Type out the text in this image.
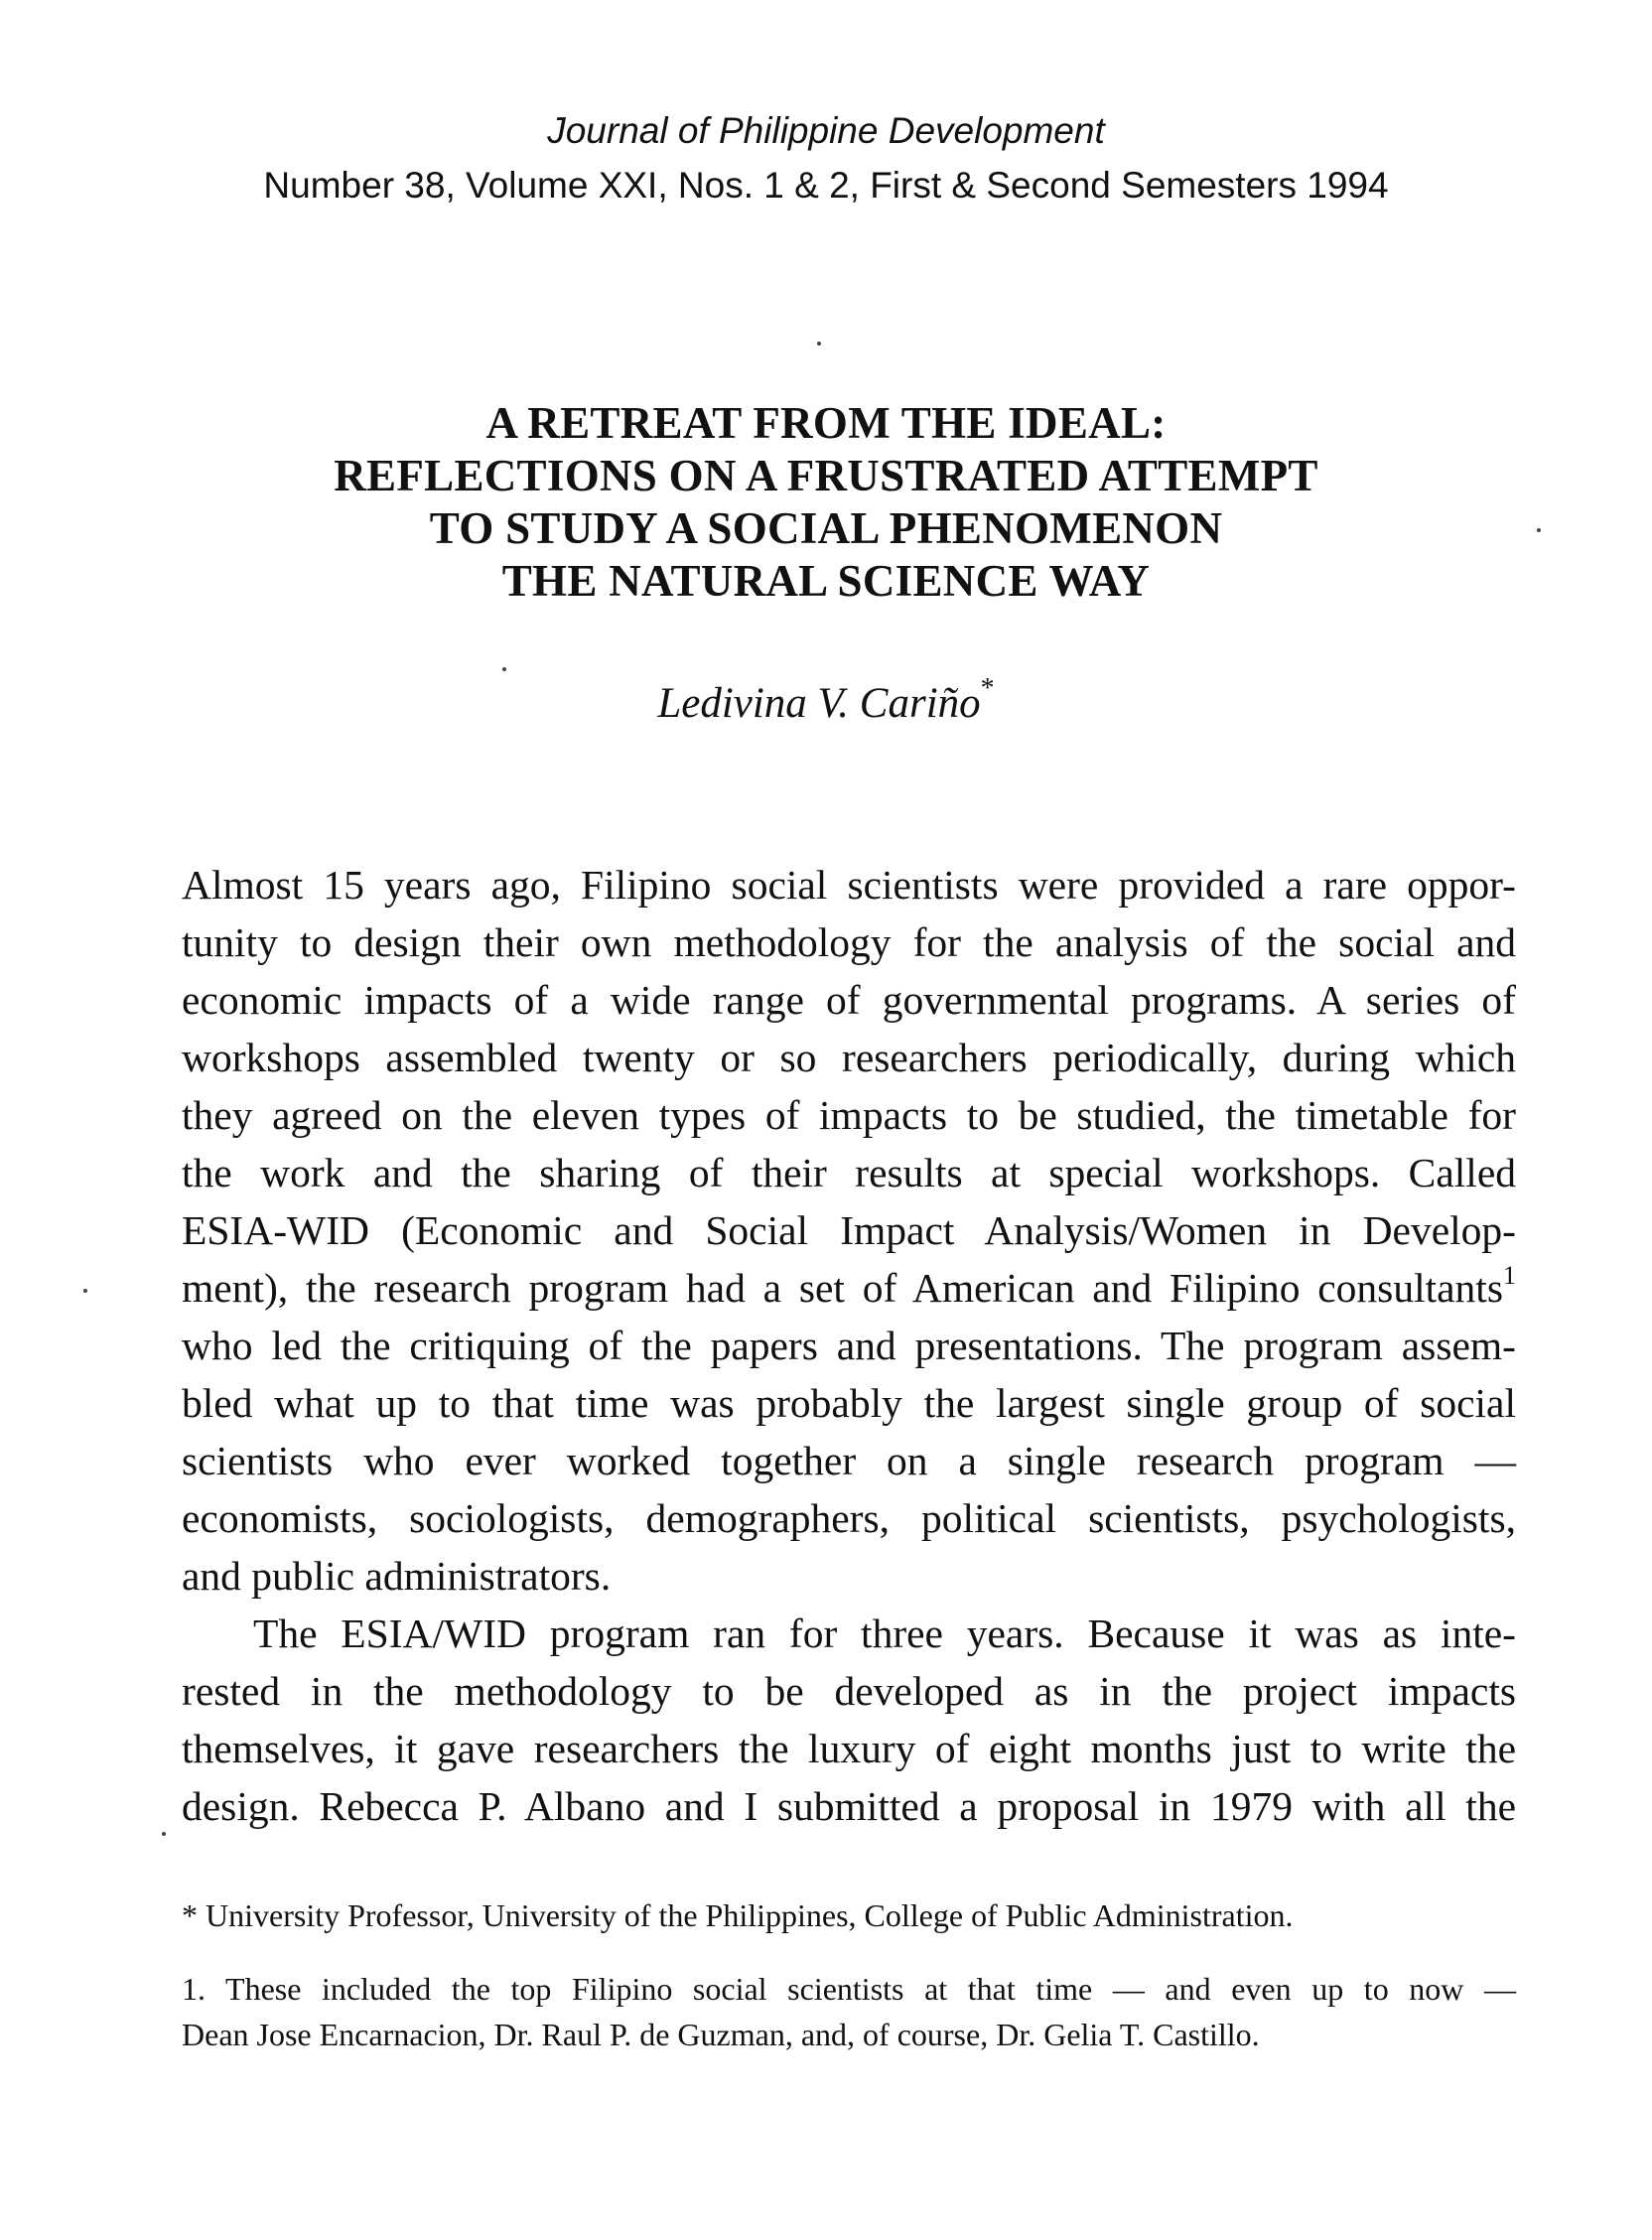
Journal of Philippine Development
Number 38, Volume XXI, Nos. 1 & 2, First & Second Semesters 1994
A RETREAT FROM THE IDEAL:
REFLECTIONS ON A FRUSTRATED ATTEMPT
TO STUDY A SOCIAL PHENOMENON
THE NATURAL SCIENCE WAY
Ledivina V. Cariño*
Almost 15 years ago, Filipino social scientists were provided a rare oppor-
tunity to design their own methodology for the analysis of the social and
economic impacts of a wide range of governmental programs. A series of
workshops assembled twenty or so researchers periodically, during which
they agreed on the eleven types of impacts to be studied, the timetable for
the work and the sharing of their results at special workshops. Called
ESIA-WID (Economic and Social Impact Analysis/Women in Develop-
ment), the research program had a set of American and Filipino consultants$^1$
who led the critiquing of the papers and presentations. The program assem-
bled what up to that time was probably the largest single group of social
scientists who ever worked together on a single research program —
economists, sociologists, demographers, political scientists, psychologists,
and public administrators.
The ESIA/WID program ran for three years. Because it was as inte-
rested in the methodology to be developed as in the project impacts
themselves, it gave researchers the luxury of eight months just to write the
design. Rebecca P. Albano and I submitted a proposal in 1979 with all the
* University Professor, University of the Philippines, College of Public Administration.
1. These included the top Filipino social scientists at that time — and even up to now —
Dean Jose Encarnacion, Dr. Raul P. de Guzman, and, of course, Dr. Gelia T. Castillo.
